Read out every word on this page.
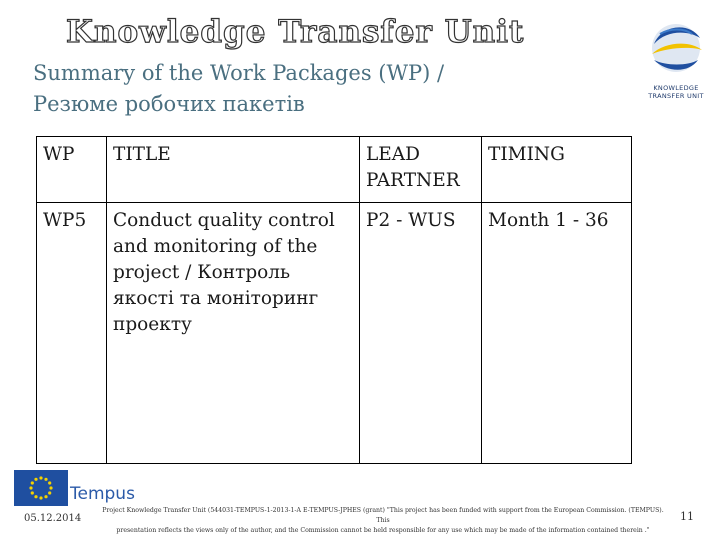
Knowledge Transfer Unit
Summary of the Work Packages (WP) /
Резюме робочих пакетів
KNOWLEDGE
TRANSFER UNIT
WP	TITLE	LEAD PARTNER	TIMING
WP5	Conduct quality control and monitoring of the project / Контроль якості та моніторинг проекту	P2 - WUS	Month 1 - 36
Tempus
05.12.2014
Project Knowledge Transfer Unit (544031-TEMPUS-1-2013-1-A E-TEMPUS-JPHES (grant) "This project has been funded with support from the European Commission. (TEMPUS). This
presentation reflects the views only of the author, and the Commission cannot be held responsible for any use which may be made of the information contained therein ."
11
